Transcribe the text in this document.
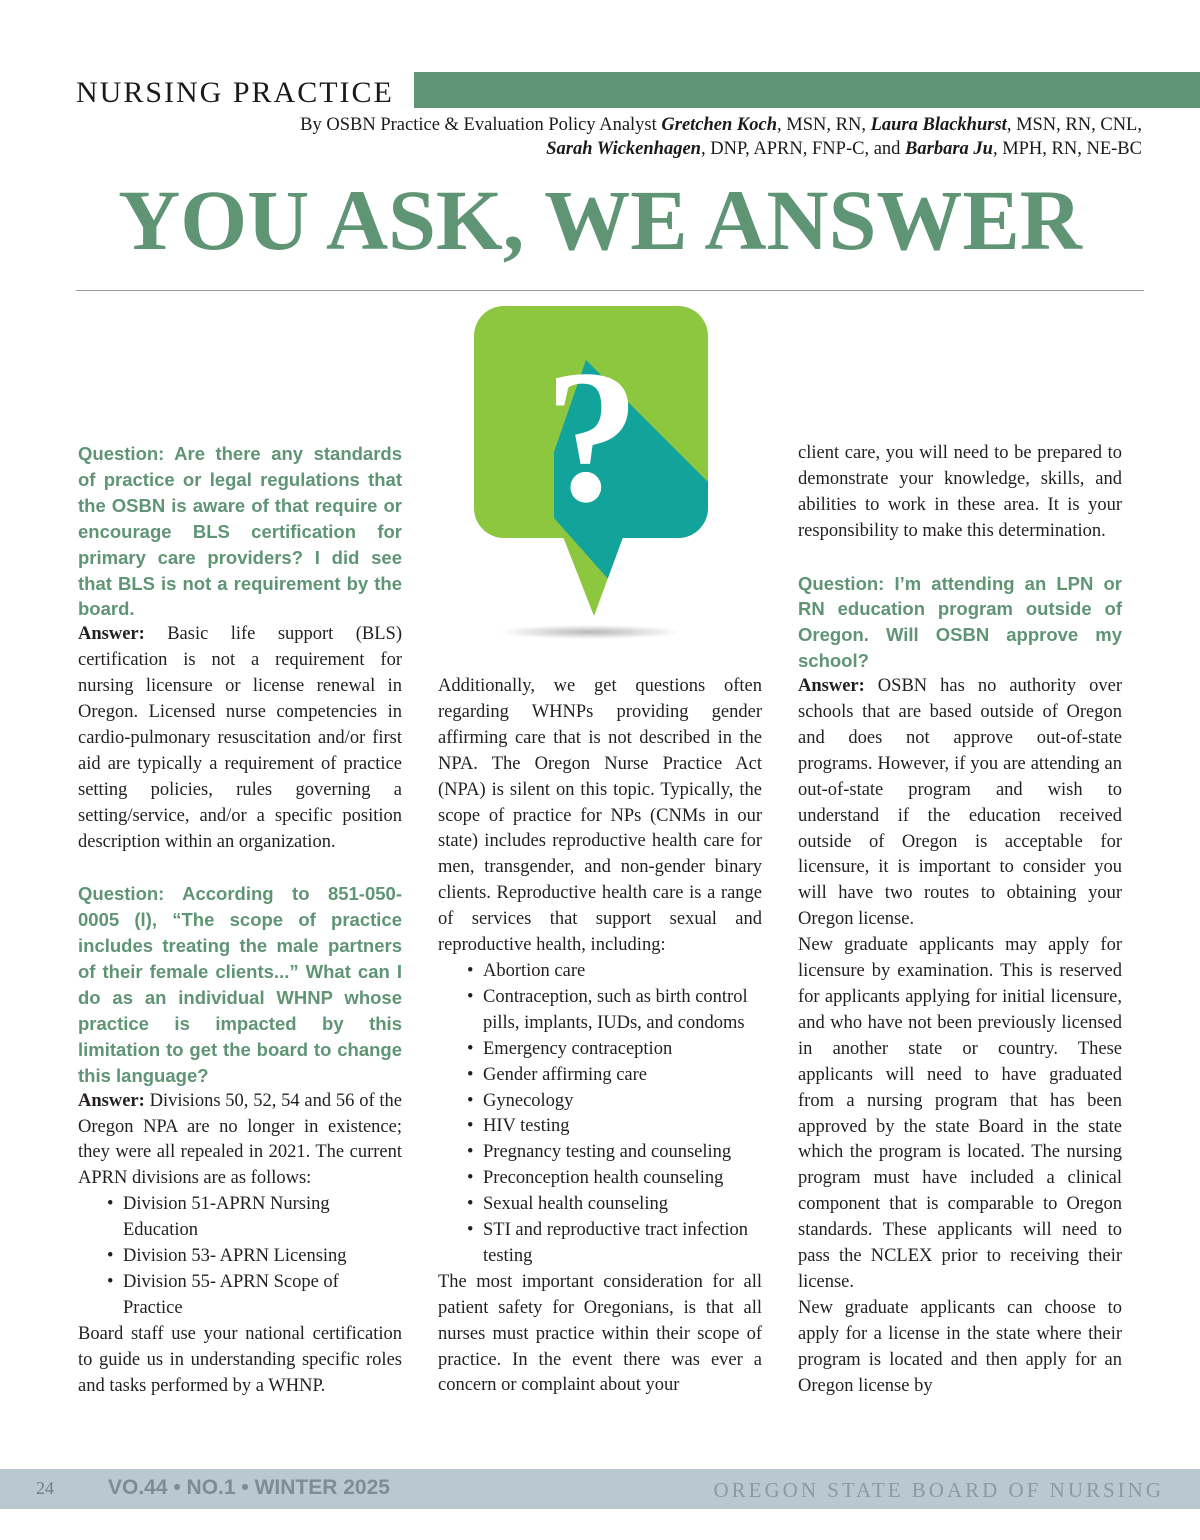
NURSING PRACTICE
By OSBN Practice & Evaluation Policy Analyst Gretchen Koch, MSN, RN, Laura Blackhurst, MSN, RN, CNL,
Sarah Wickenhagen, DNP, APRN, FNP-C, and Barbara Ju, MPH, RN, NE-BC
YOU ASK, WE ANSWER
?

Question: Are there any standards of practice or legal regulations that the OSBN is aware of that require or encourage BLS certification for primary care providers? I did see that BLS is not a requirement by the board.

Answer: Basic life support (BLS) certification is not a requirement for nursing licensure or license renewal in Oregon. Licensed nurse competencies in cardio-pulmonary resuscitation and/or first aid are typically a requirement of practice setting policies, rules governing a setting/service, and/or a specific position description within an organization.

Question: According to 851-050-0005 (l), “The scope of practice includes treating the male partners of their female clients...” What can I do as an individual WHNP whose practice is impacted by this limitation to get the board to change this language?

Answer: Divisions 50, 52, 54 and 56 of the Oregon NPA are no longer in existence; they were all repealed in 2021. The current APRN divisions are as follows:

• Division 51-APRN Nursing Education
• Division 53- APRN Licensing
• Division 55- APRN Scope of Practice

Board staff use your national certification to guide us in understanding specific roles and tasks performed by a WHNP.

Additionally, we get questions often regarding WHNPs providing gender affirming care that is not described in the NPA. The Oregon Nurse Practice Act (NPA) is silent on this topic. Typically, the scope of practice for NPs (CNMs in our state) includes reproductive health care for men, transgender, and non-gender binary clients. Reproductive health care is a range of services that support sexual and reproductive health, including:

• Abortion care
• Contraception, such as birth control pills, implants, IUDs, and condoms
• Emergency contraception
• Gender affirming care
• Gynecology
• HIV testing
• Pregnancy testing and counseling
• Preconception health counseling
• Sexual health counseling
• STI and reproductive tract infection testing

The most important consideration for all patient safety for Oregonians, is that all nurses must practice within their scope of practice. In the event there was ever a concern or complaint about your

client care, you will need to be prepared to demonstrate your knowledge, skills, and abilities to work in these area. It is your responsibility to make this determination.

Question: I’m attending an LPN or RN education program outside of Oregon. Will OSBN approve my school?

Answer: OSBN has no authority over schools that are based outside of Oregon and does not approve out-of-state programs. However, if you are attending an out-of-state program and wish to understand if the education received outside of Oregon is acceptable for licensure, it is important to consider you will have two routes to obtaining your Oregon license.

New graduate applicants may apply for licensure by examination. This is reserved for applicants applying for initial licensure, and who have not been previously licensed in another state or country. These applicants will need to have graduated from a nursing program that has been approved by the state Board in the state which the program is located. The nursing program must have included a clinical component that is comparable to Oregon standards. These applicants will need to pass the NCLEX prior to receiving their license.

New graduate applicants can choose to apply for a license in the state where their program is located and then apply for an Oregon license by

24	VO.44 • NO.1 • WINTER 2025	OREGON STATE BOARD OF NURSING
